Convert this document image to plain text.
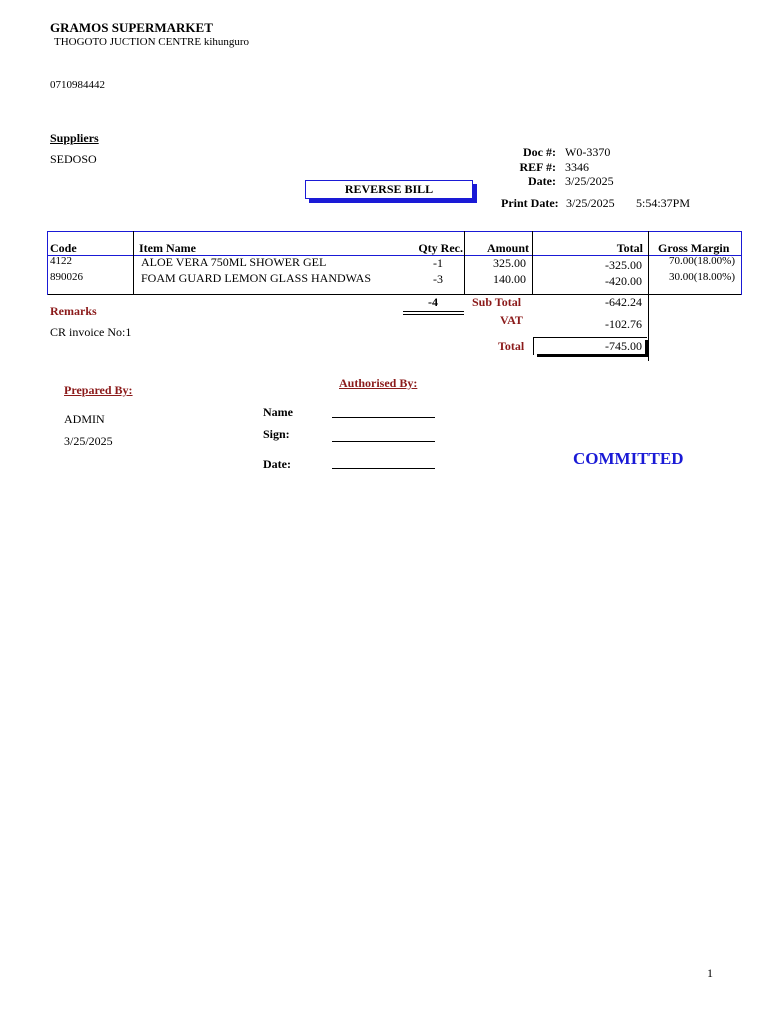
GRAMOS SUPERMARKET
THOGOTO JUCTION CENTRE kihunguro
0710984442
Suppliers
SEDOSO	Doc #: W0-3370
REF #: 3346
Date: 3/25/2025
Print Date: 3/25/2025 5:54:37PM
REVERSE BILL
Code	Item Name	Qty Rec.	Amount	Total Gross Margin
4122	ALOE VERA 750ML SHOWER GEL	-1	325.00	-325.00	70.00(18.00%)
890026	FOAM GUARD LEMON GLASS HANDWAS	-3	140.00	-420.00	30.00(18.00%)
-4	Sub Total	-642.24
VAT	-102.76
Total	-745.00
Remarks
CR invoice No:1
Prepared By:
ADMIN
3/25/2025
Authorised By:
Name
Sign:
Date:	COMMITTED
1
